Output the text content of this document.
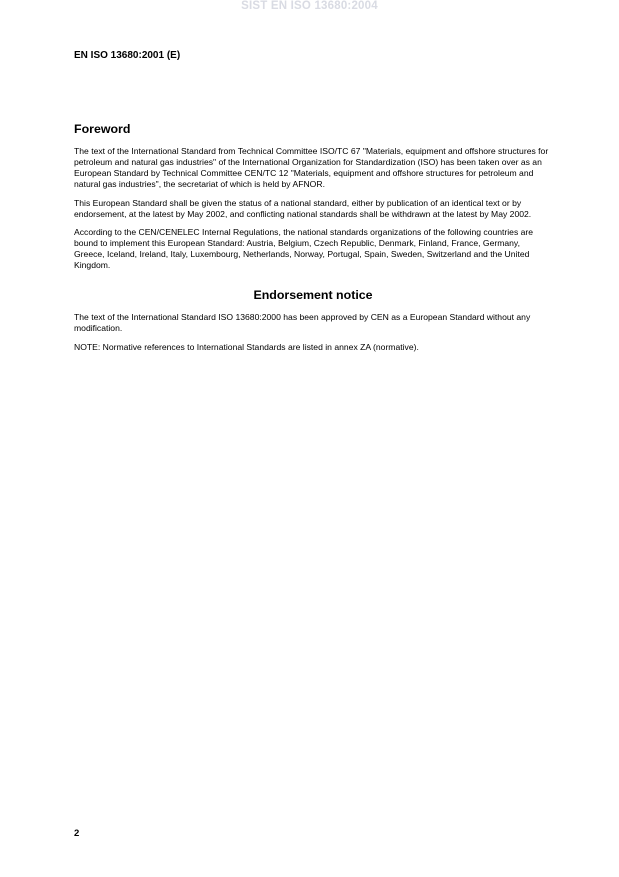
SIST EN ISO 13680:2004
EN ISO 13680:2001 (E)
Foreword

The text of the International Standard from Technical Committee ISO/TC 67 "Materials, equipment and offshore structures for petroleum and natural gas industries" of the International Organization for Standardization (ISO) has been taken over as an European Standard by Technical Committee CEN/TC 12 "Materials, equipment and offshore structures for petroleum and natural gas industries", the secretariat of which is held by AFNOR.

This European Standard shall be given the status of a national standard, either by publication of an identical text or by endorsement, at the latest by May 2002, and conflicting national standards shall be withdrawn at the latest by May 2002.

According to the CEN/CENELEC Internal Regulations, the national standards organizations of the following countries are bound to implement this European Standard: Austria, Belgium, Czech Republic, Denmark, Finland, France, Germany, Greece, Iceland, Ireland, Italy, Luxembourg, Netherlands, Norway, Portugal, Spain, Sweden, Switzerland and the United Kingdom.

Endorsement notice

The text of the International Standard ISO 13680:2000 has been approved by CEN as a European Standard without any modification.

NOTE: Normative references to International Standards are listed in annex ZA (normative).

2
